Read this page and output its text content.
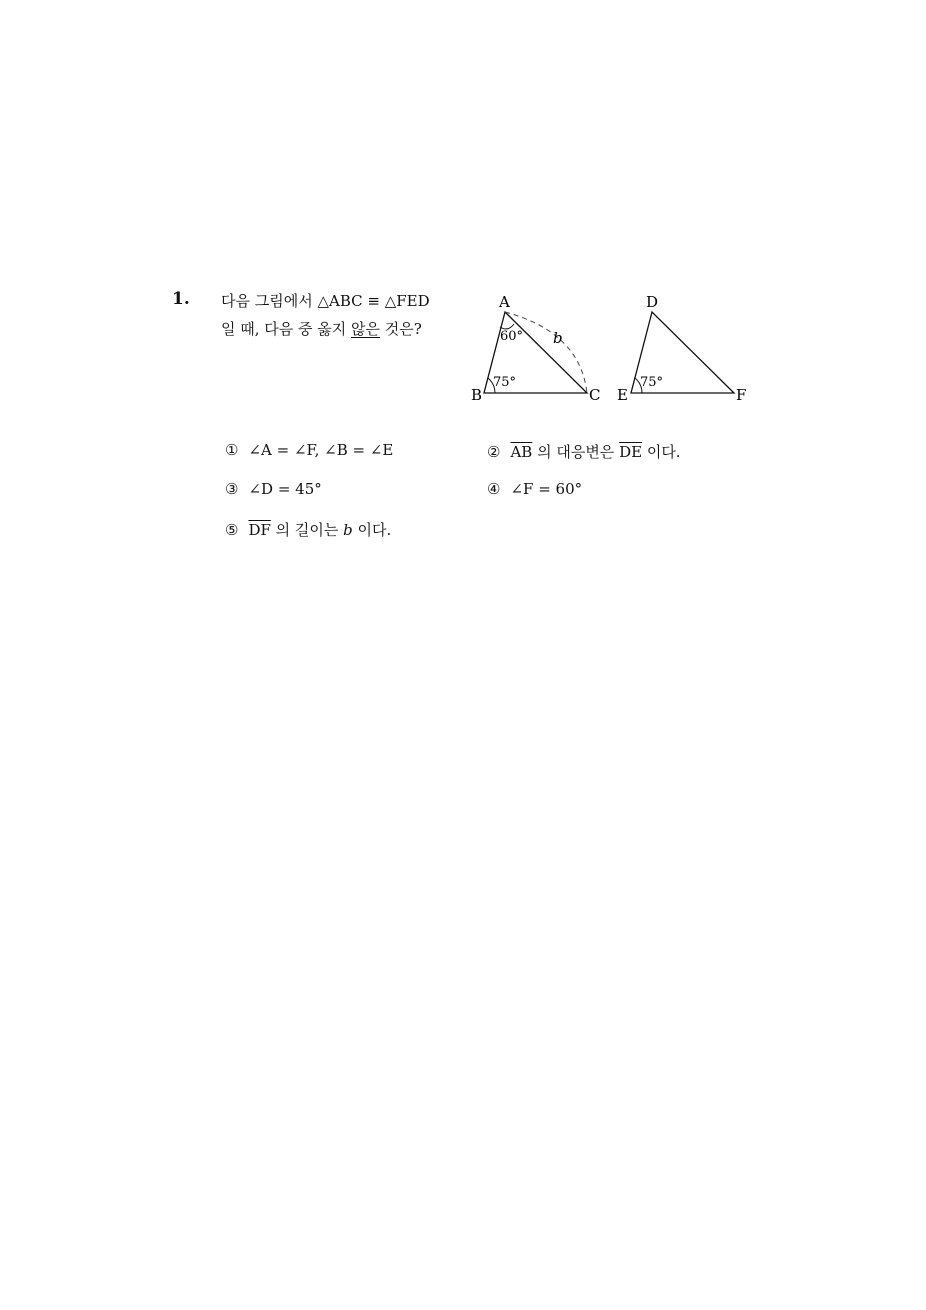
1. 다음 그림에서 △ABC ≡ △FED
일 때, 다음 중 옳지 않은 것은?
A
B	C
60°
75°
b
D
E	F
75°
① ∠A = ∠F, ∠B = ∠E	② $\overline{AB}$ 의 대응변은 $\overline{DE}$ 이다.
③ ∠D = 45°	④ ∠F = 60°
⑤ $\overline{DF}$ 의 길이는 b 이다.
